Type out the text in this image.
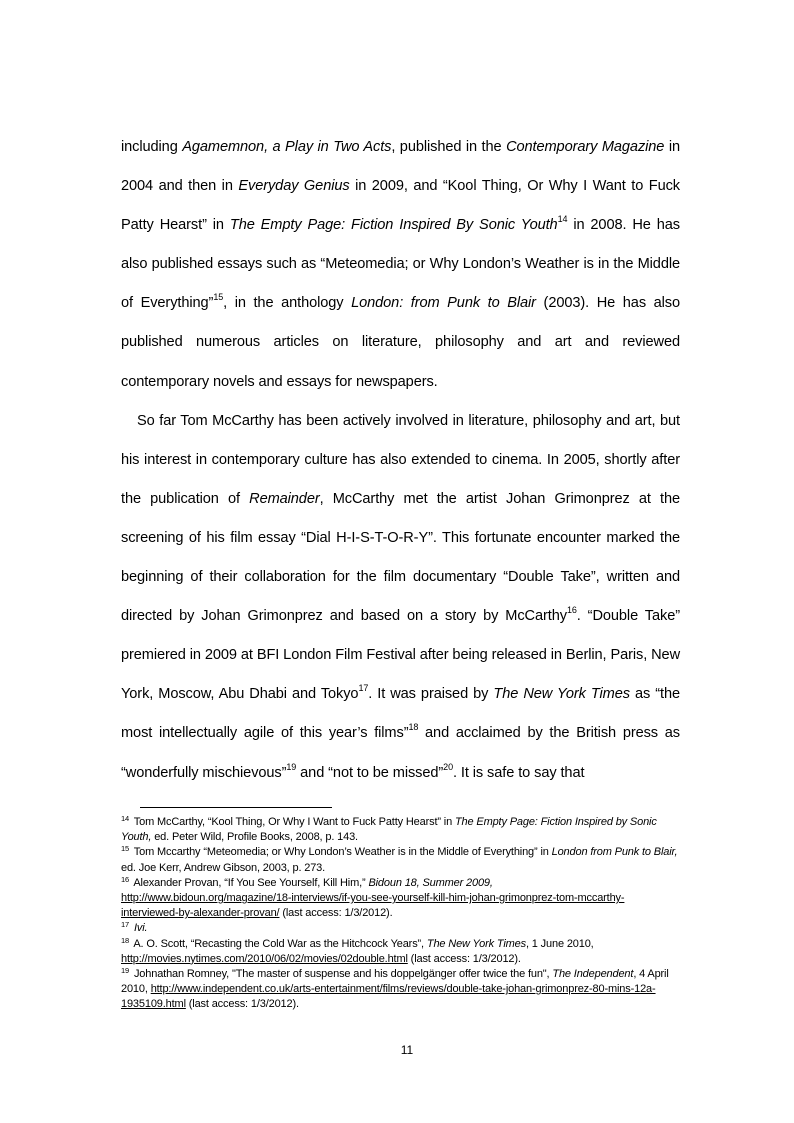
including Agamemnon, a Play in Two Acts, published in the Contemporary Magazine in 2004 and then in Everyday Genius in 2009, and “Kool Thing, Or Why I Want to Fuck Patty Hearst” in The Empty Page: Fiction Inspired By Sonic Youth$^{14}$ in 2008. He has also published essays such as “Meteomedia; or Why London’s Weather is in the Middle of Everything”$^{15}$, in the anthology London: from Punk to Blair (2003). He has also published numerous articles on literature, philosophy and art and reviewed contemporary novels and essays for newspapers.

So far Tom McCarthy has been actively involved in literature, philosophy and art, but his interest in contemporary culture has also extended to cinema. In 2005, shortly after the publication of Remainder, McCarthy met the artist Johan Grimonprez at the screening of his film essay “Dial H-I-S-T-O-R-Y”. This fortunate encounter marked the beginning of their collaboration for the film documentary “Double Take”, written and directed by Johan Grimonprez and based on a story by McCarthy$^{16}$. “Double Take” premiered in 2009 at BFI London Film Festival after being released in Berlin, Paris, New York, Moscow, Abu Dhabi and Tokyo$^{17}$. It was praised by The New York Times as “the most intellectually agile of this year’s films”$^{18}$ and acclaimed by the British press as “wonderfully mischievous”$^{19}$ and “not to be missed”$^{20}$. It is safe to say that

$^{14}$ Tom McCarthy, “Kool Thing, Or Why I Want to Fuck Patty Hearst” in The Empty Page: Fiction Inspired by Sonic Youth, ed. Peter Wild, Profile Books, 2008, p. 143.

$^{15}$ Tom Mccarthy “Meteomedia; or Why London’s Weather is in the Middle of Everything” in London from Punk to Blair, ed. Joe Kerr, Andrew Gibson, 2003, p. 273.

$^{16}$ Alexander Provan, “If You See Yourself, Kill Him,” Bidoun 18, Summer 2009,
http://www.bidoun.org/magazine/18-interviews/if-you-see-yourself-kill-him-johan-grimonprez-tom-mccarthy-interviewed-by-alexander-provan/ (last access: 1/3/2012).

$^{17}$ Ivi.

$^{18}$ A. O. Scott, “Recasting the Cold War as the Hitchcock Years”, The New York Times, 1 June 2010,
http://movies.nytimes.com/2010/06/02/movies/02double.html (last access: 1/3/2012).

$^{19}$ Johnathan Romney, "The master of suspense and his doppelgänger offer twice the fun", The Independent, 4 April 2010, http://www.independent.co.uk/arts-entertainment/films/reviews/double-take-johan-grimonprez-80-mins-12a-1935109.html (last access: 1/3/2012).

11
